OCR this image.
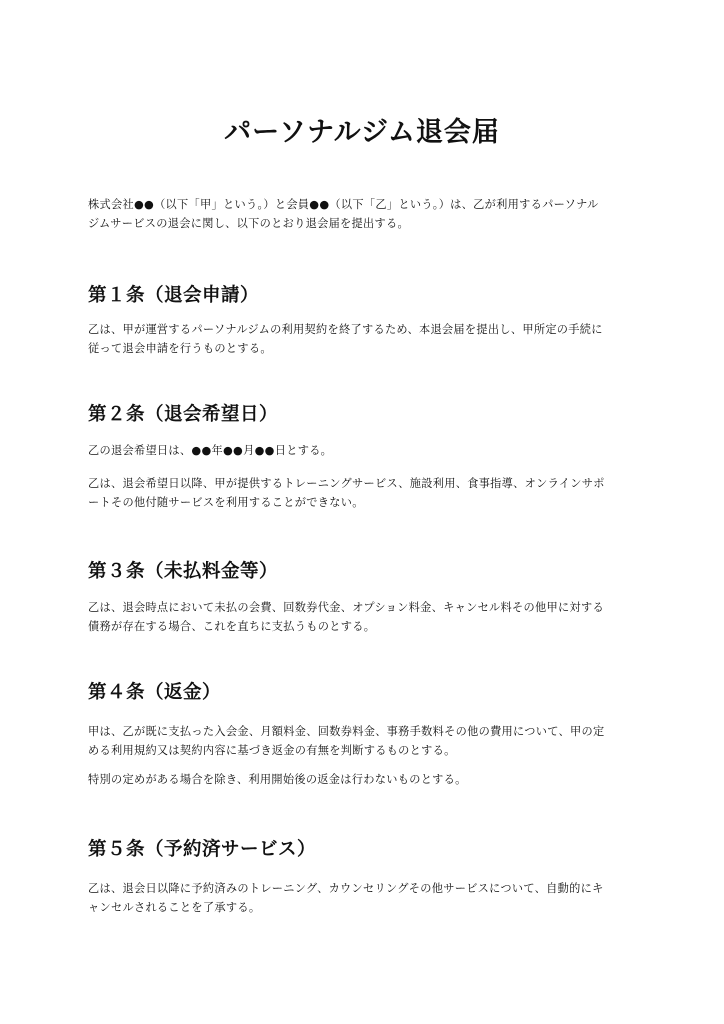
パーソナルジム退会届

株式会社●●（以下「甲」という。）と会員●●（以下「乙」という。）は、乙が利用するパーソナル
ジムサービスの退会に関し、以下のとおり退会届を提出する。

第１条（退会申請）

乙は、甲が運営するパーソナルジムの利用契約を終了するため、本退会届を提出し、甲所定の手続に
従って退会申請を行うものとする。

第２条（退会希望日）

乙の退会希望日は、●●年●●月●●日とする。

乙は、退会希望日以降、甲が提供するトレーニングサービス、施設利用、食事指導、オンラインサポ
ートその他付随サービスを利用することができない。

第３条（未払料金等）

乙は、退会時点において未払の会費、回数券代金、オプション料金、キャンセル料その他甲に対する
債務が存在する場合、これを直ちに支払うものとする。

第４条（返金）

甲は、乙が既に支払った入会金、月額料金、回数券料金、事務手数料その他の費用について、甲の定
める利用規約又は契約内容に基づき返金の有無を判断するものとする。

特別の定めがある場合を除き、利用開始後の返金は行わないものとする。

第５条（予約済サービス）

乙は、退会日以降に予約済みのトレーニング、カウンセリングその他サービスについて、自動的にキ
ャンセルされることを了承する。
